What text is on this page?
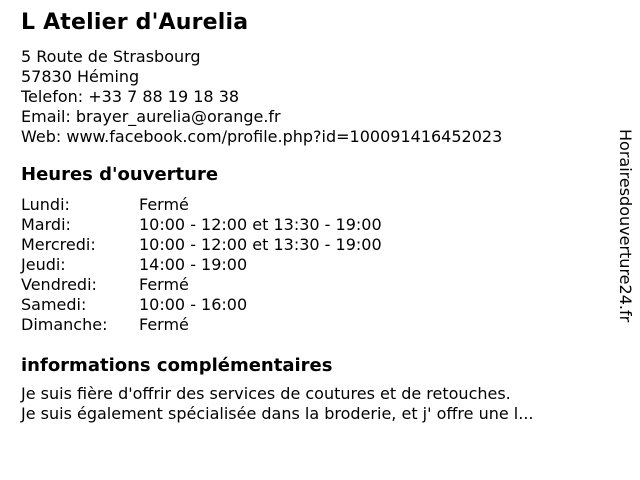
L Atelier d'Aurelia
5 Route de Strasbourg
57830 Héming
Telefon: +33 7 88 19 18 38
Email: brayer_aurelia@orange.fr
Web: www.facebook.com/profile.php?id=100091416452023
Heures d'ouverture
Lundi:	Fermé
Mardi:	10:00 - 12:00 et 13:30 - 19:00
Mercredi:	10:00 - 12:00 et 13:30 - 19:00
Jeudi:	14:00 - 19:00
Vendredi:	Fermé
Samedi:	10:00 - 16:00
Dimanche:	Fermé
informations complémentaires
Je suis fière d'offrir des services de coutures et de retouches.
Je suis également spécialisée dans la broderie, et j' offre une l...
Horairesdouverture24.fr
